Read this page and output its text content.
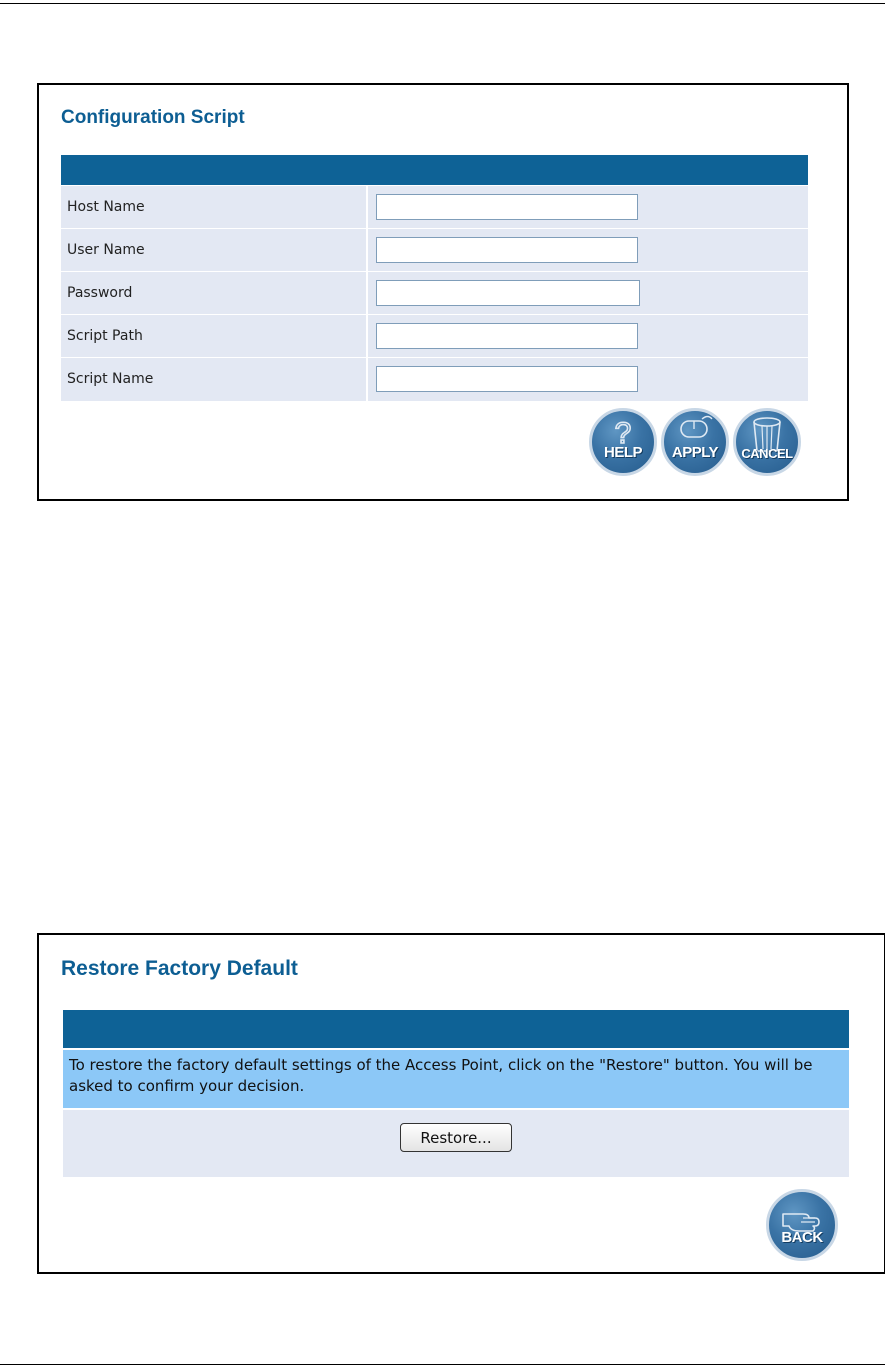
Configuration Script
Host Name
User Name
Password
Script Path
Script Name
?
HELP	APPLY	CANCEL
Restore Factory Default
To restore the factory default settings of the Access Point, click on the "Restore" button. You will be asked to confirm your decision.
Restore...
BACK
